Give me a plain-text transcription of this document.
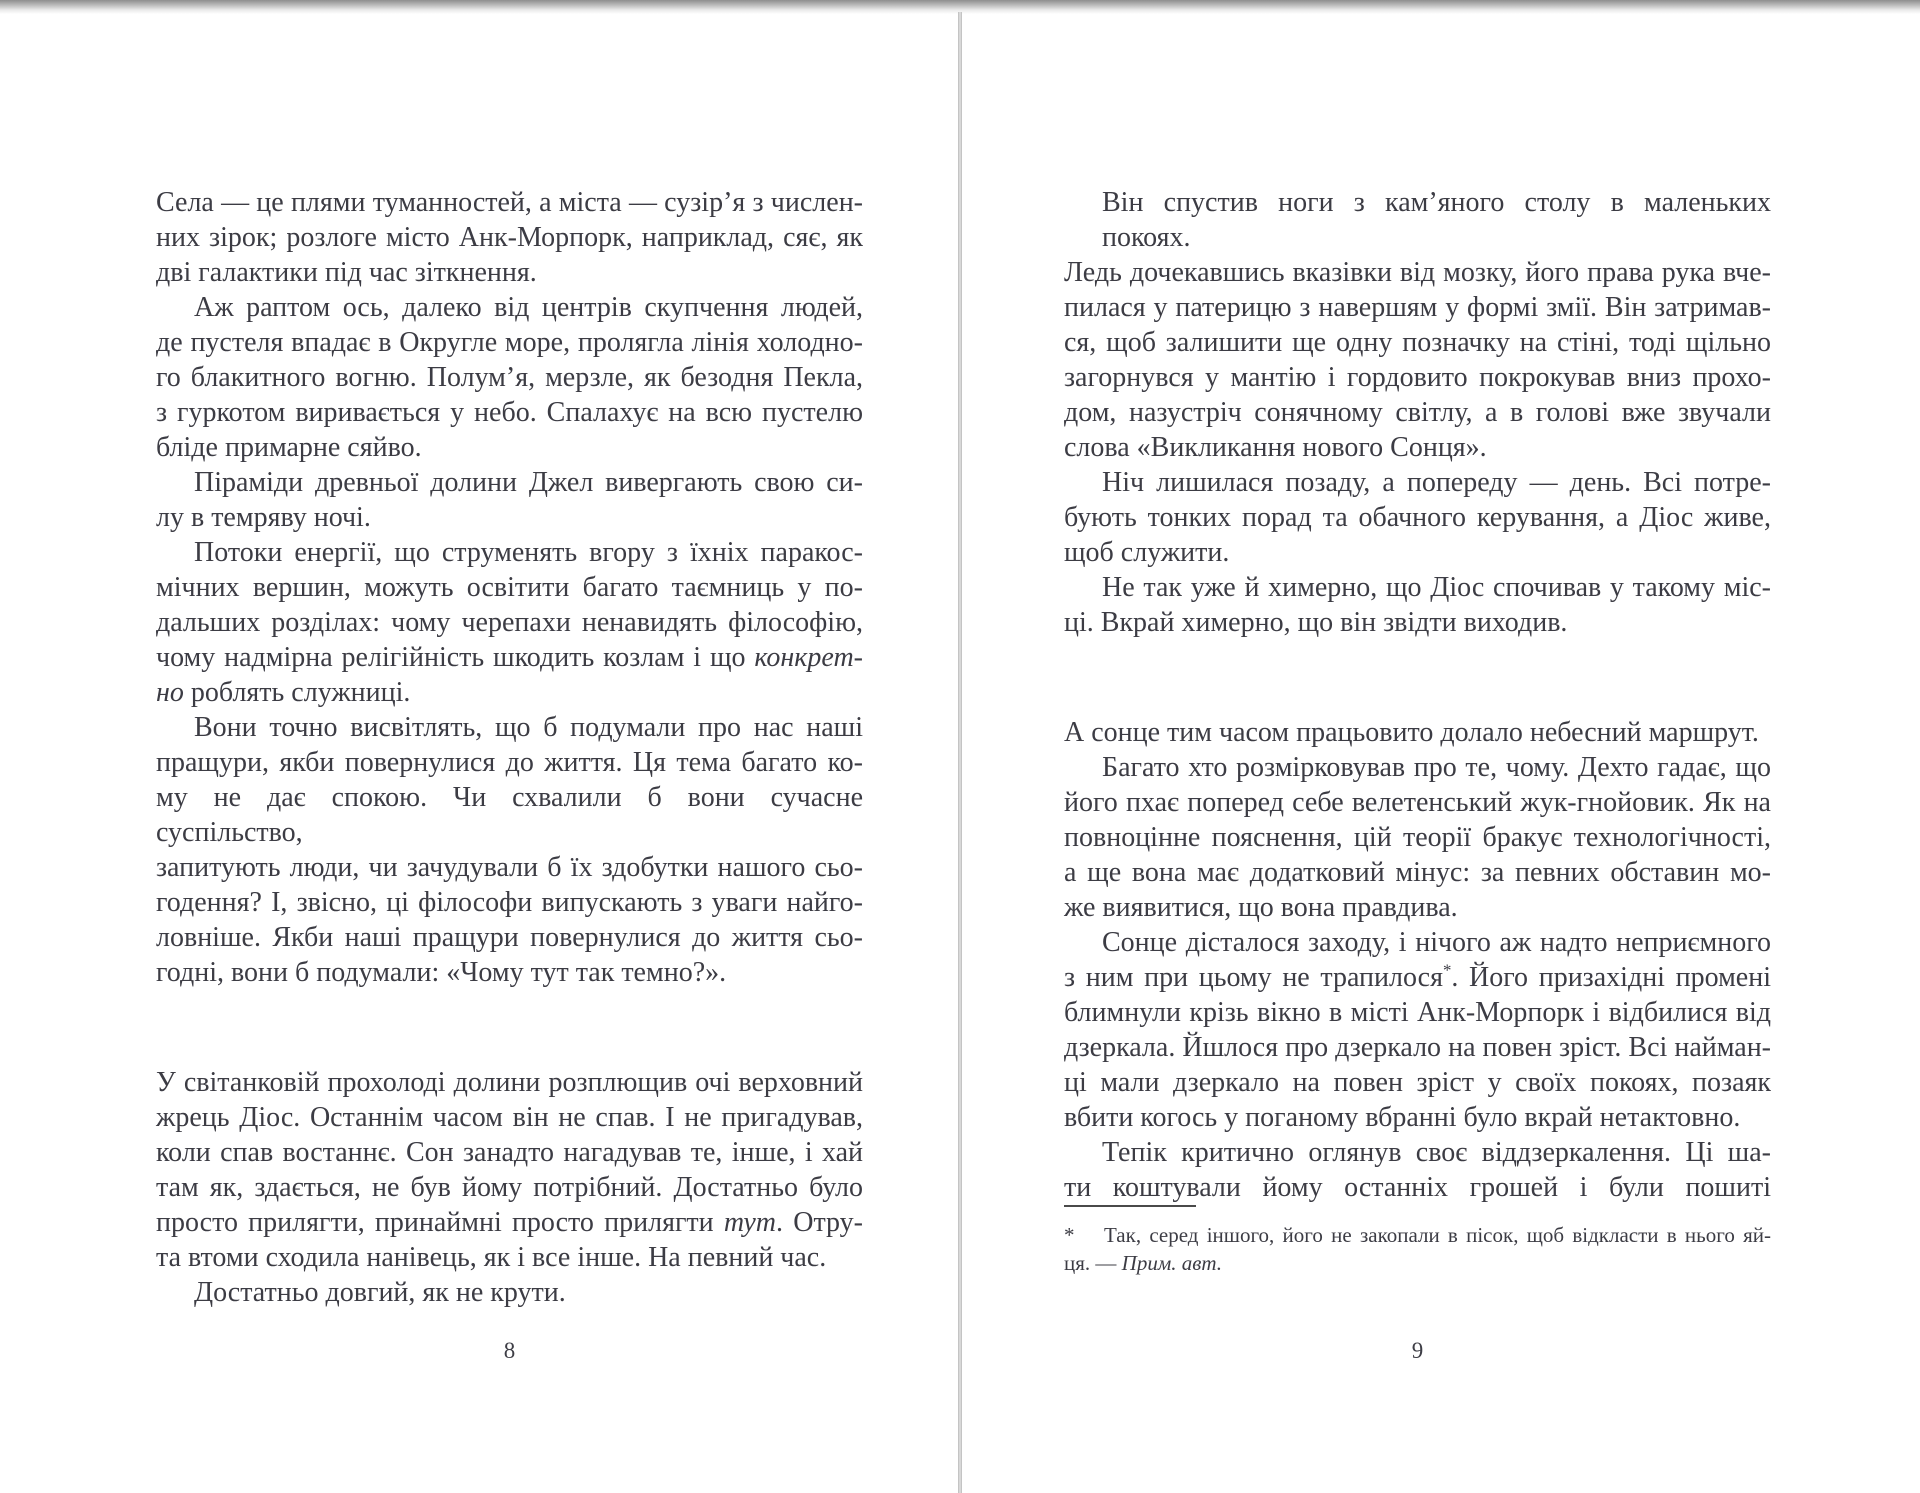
Села — це плями туманностей, а міста — сузір’я з числен-
них зірок; розлоге місто Анк-Морпорк, наприклад, сяє, як
дві галактики під час зіткнення.
Аж раптом ось, далеко від центрів скупчення людей,
де пустеля впадає в Округле море, пролягла лінія холодно-
го блакитного вогню. Полум’я, мерзле, як безодня Пекла,
з гуркотом виривається у небо. Спалахує на всю пустелю
бліде примарне сяйво.
Піраміди древньої долини Джел вивергають свою си-
лу в темряву ночі.
Потоки енергії, що струменять вгору з їхніх паракос-
мічних вершин, можуть освітити багато таємниць у по-
дальших розділах: чому черепахи ненавидять філософію,
чому надмірна релігійність шкодить козлам і що конкрет-
но роблять служниці.
Вони точно висвітлять, що б подумали про нас наші
пращури, якби повернулися до життя. Ця тема багато ко-
му не дає спокою. Чи схвалили б вони сучасне суспільство,
запитують люди, чи зачудували б їх здобутки нашого сьо-
годення? І, звісно, ці філософи випускають з уваги найго-
ловніше. Якби наші пращури повернулися до життя сьо-
годні, вони б подумали: «Чому тут так темно?».
У світанковій прохолоді долини розплющив очі верховний
жрець Діос. Останнім часом він не спав. І не пригадував,
коли спав востаннє. Сон занадто нагадував те, інше, і хай
там як, здається, не був йому потрібний. Достатньо було
просто прилягти, принаймні просто прилягти тут. Отру-
та втоми сходила нанівець, як і все інше. На певний час.
Достатньо довгий, як не крути.
Він спустив ноги з кам’яного столу в маленьких покоях.
Ледь дочекавшись вказівки від мозку, його права рука вче-
пилася у патерицю з навершям у формі змії. Він затримав-
ся, щоб залишити ще одну позначку на стіні, тоді щільно
загорнувся у мантію і гордовито покрокував вниз прохо-
дом, назустріч сонячному світлу, а в голові вже звучали
слова «Викликання нового Сонця».
Ніч лишилася позаду, а попереду — день. Всі потре-
бують тонких порад та обачного керування, а Діос живе,
щоб служити.
Не так уже й химерно, що Діос спочивав у такому міс-
ці. Вкрай химерно, що він звідти виходив.
А сонце тим часом працьовито долало небесний маршрут.
Багато хто розмірковував про те, чому. Дехто гадає, що
його пхає поперед себе велетенський жук-гнойовик. Як на
повноцінне пояснення, цій теорії бракує технологічності,
а ще вона має додатковий мінус: за певних обставин мо-
же виявитися, що вона правдива.
Сонце дісталося заходу, і нічого аж надто неприємного
з ним при цьому не трапилося*. Його призахідні промені
блимнули крізь вікно в місті Анк-Морпорк і відбилися від
дзеркала. Йшлося про дзеркало на повен зріст. Всі найман-
ці мали дзеркало на повен зріст у своїх покоях, позаяк
вбити когось у поганому вбранні було вкрай нетактовно.
Тепік критично оглянув своє віддзеркалення. Ці ша-
ти коштували йому останніх грошей і були пошиті
* Так, серед іншого, його не закопали в пісок, щоб відкласти в нього яй-
ця. — Прим. авт.
8	9
